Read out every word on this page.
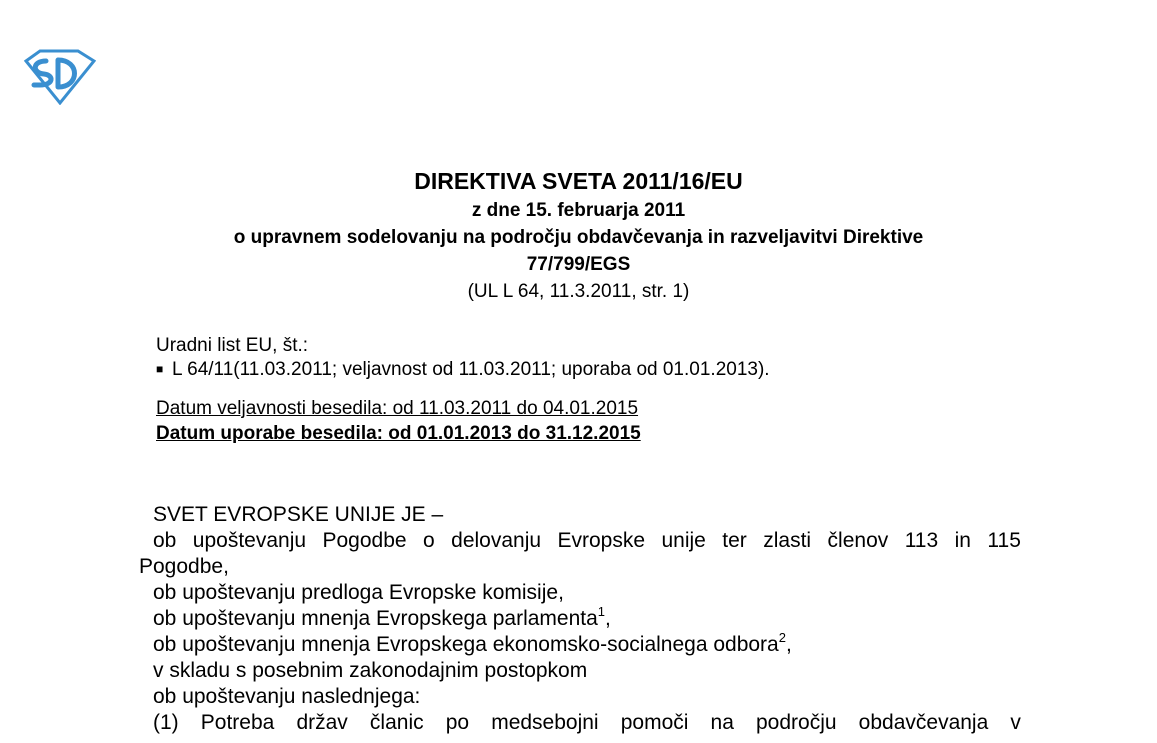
DIREKTIVA SVETA 2011/16/EU
z dne 15. februarja 2011
o upravnem sodelovanju na področju obdavčevanja in razveljavitvi Direktive
77/799/EGS
(UL L 64, 11.3.2011, str. 1)
Uradni list EU, št.:
■ L 64/11(11.03.2011; veljavnost od 11.03.2011; uporaba od 01.01.2013).
Datum veljavnosti besedila: od 11.03.2011 do 04.01.2015
Datum uporabe besedila: od 01.01.2013 do 31.12.2015
SVET EVROPSKE UNIJE JE –
ob upoštevanju Pogodbe o delovanju Evropske unije ter zlasti členov 113 in 115
Pogodbe,
ob upoštevanju predloga Evropske komisije,
ob upoštevanju mnenja Evropskega parlamenta$^1$,
ob upoštevanju mnenja Evropskega ekonomsko-socialnega odbora$^2$,
v skladu s posebnim zakonodajnim postopkom
ob upoštevanju naslednjega:
(1) Potreba držav članic po medsebojni pomoči na področju obdavčevanja v
